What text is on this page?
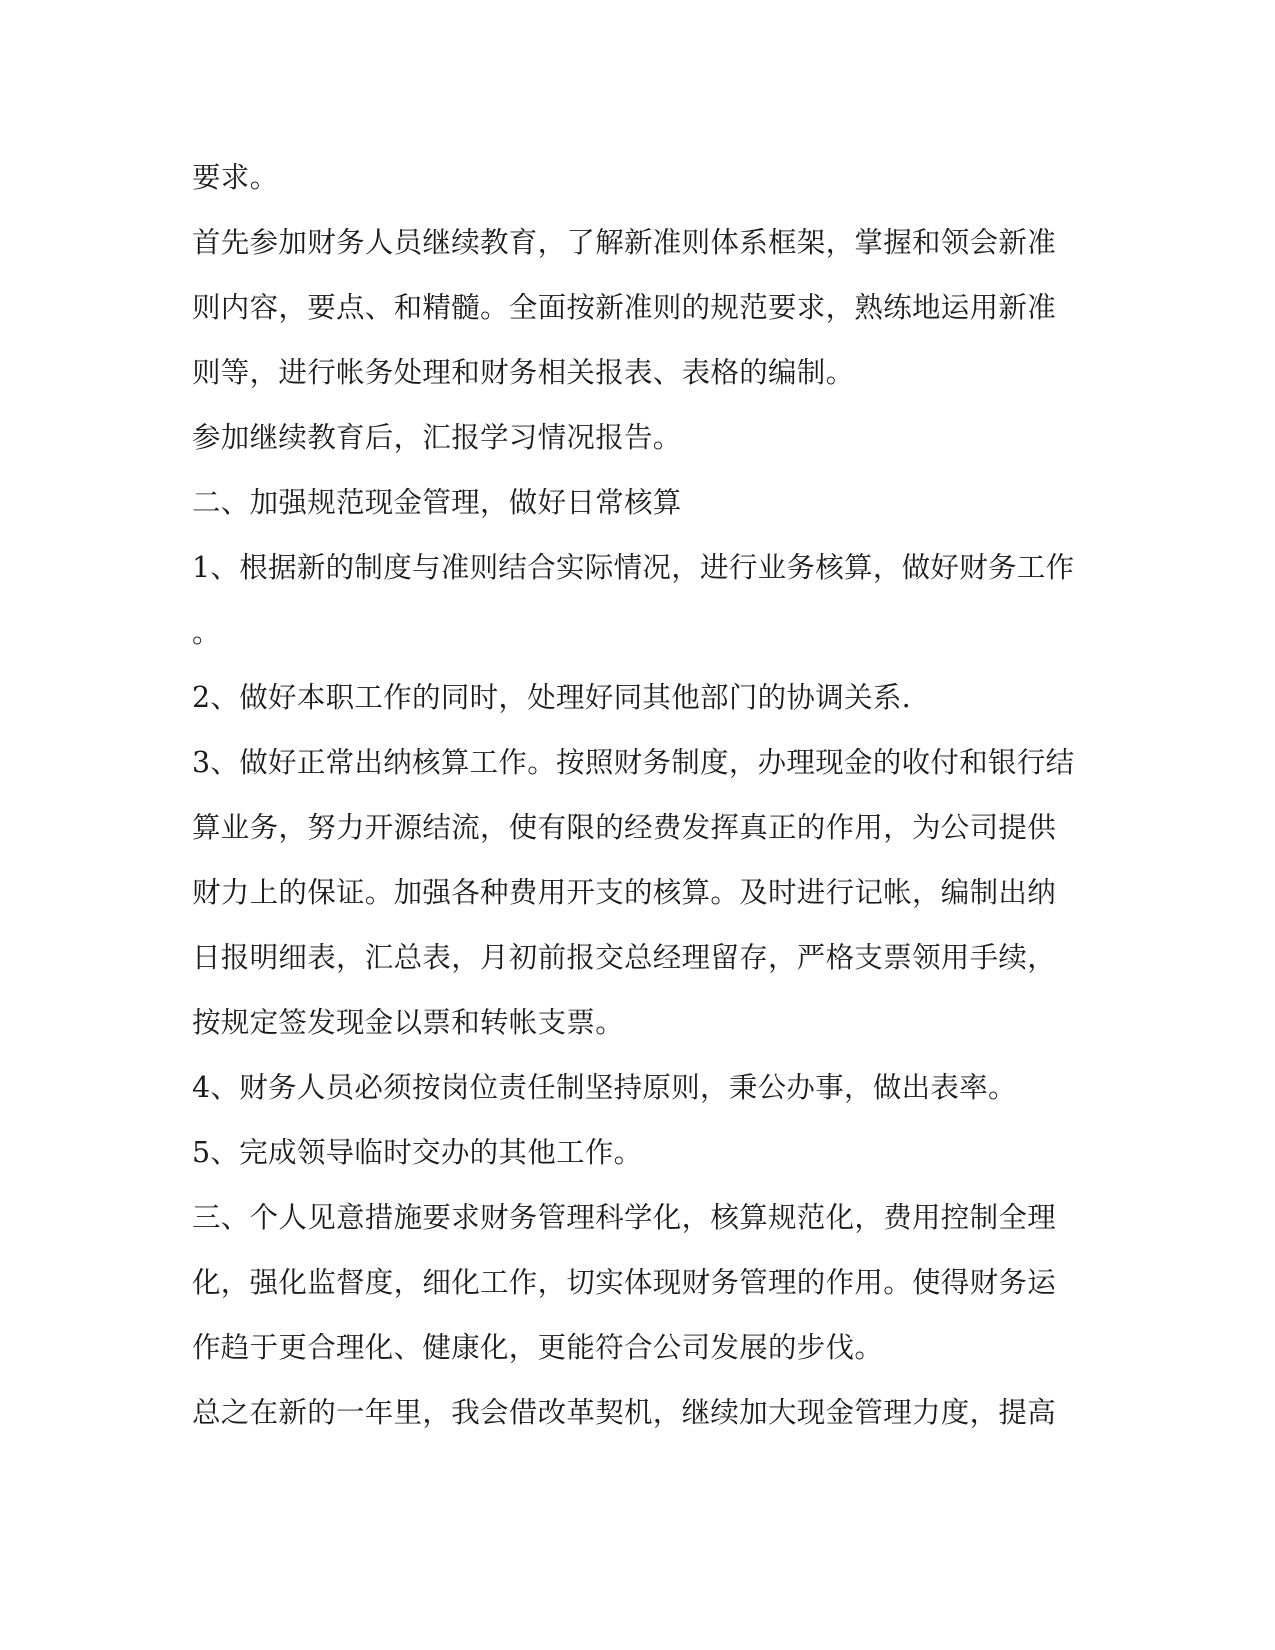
要求。
首先参加财务人员继续教育，了解新准则体系框架，掌握和领会新准
则内容，要点、和精髓。全面按新准则的规范要求，熟练地运用新准
则等，进行帐务处理和财务相关报表、表格的编制。
参加继续教育后，汇报学习情况报告。
二、加强规范现金管理，做好日常核算
1、根据新的制度与准则结合实际情况，进行业务核算，做好财务工作
。
2、做好本职工作的同时，处理好同其他部门的协调关系.
3、做好正常出纳核算工作。按照财务制度，办理现金的收付和银行结
算业务，努力开源结流，使有限的经费发挥真正的作用，为公司提供
财力上的保证。加强各种费用开支的核算。及时进行记帐，编制出纳
日报明细表，汇总表，月初前报交总经理留存，严格支票领用手续，
按规定签发现金以票和转帐支票。
4、财务人员必须按岗位责任制坚持原则，秉公办事，做出表率。
5、完成领导临时交办的其他工作。
三、个人见意措施要求财务管理科学化，核算规范化，费用控制全理
化，强化监督度，细化工作，切实体现财务管理的作用。使得财务运
作趋于更合理化、健康化，更能符合公司发展的步伐。
总之在新的一年里，我会借改革契机，继续加大现金管理力度，提高
